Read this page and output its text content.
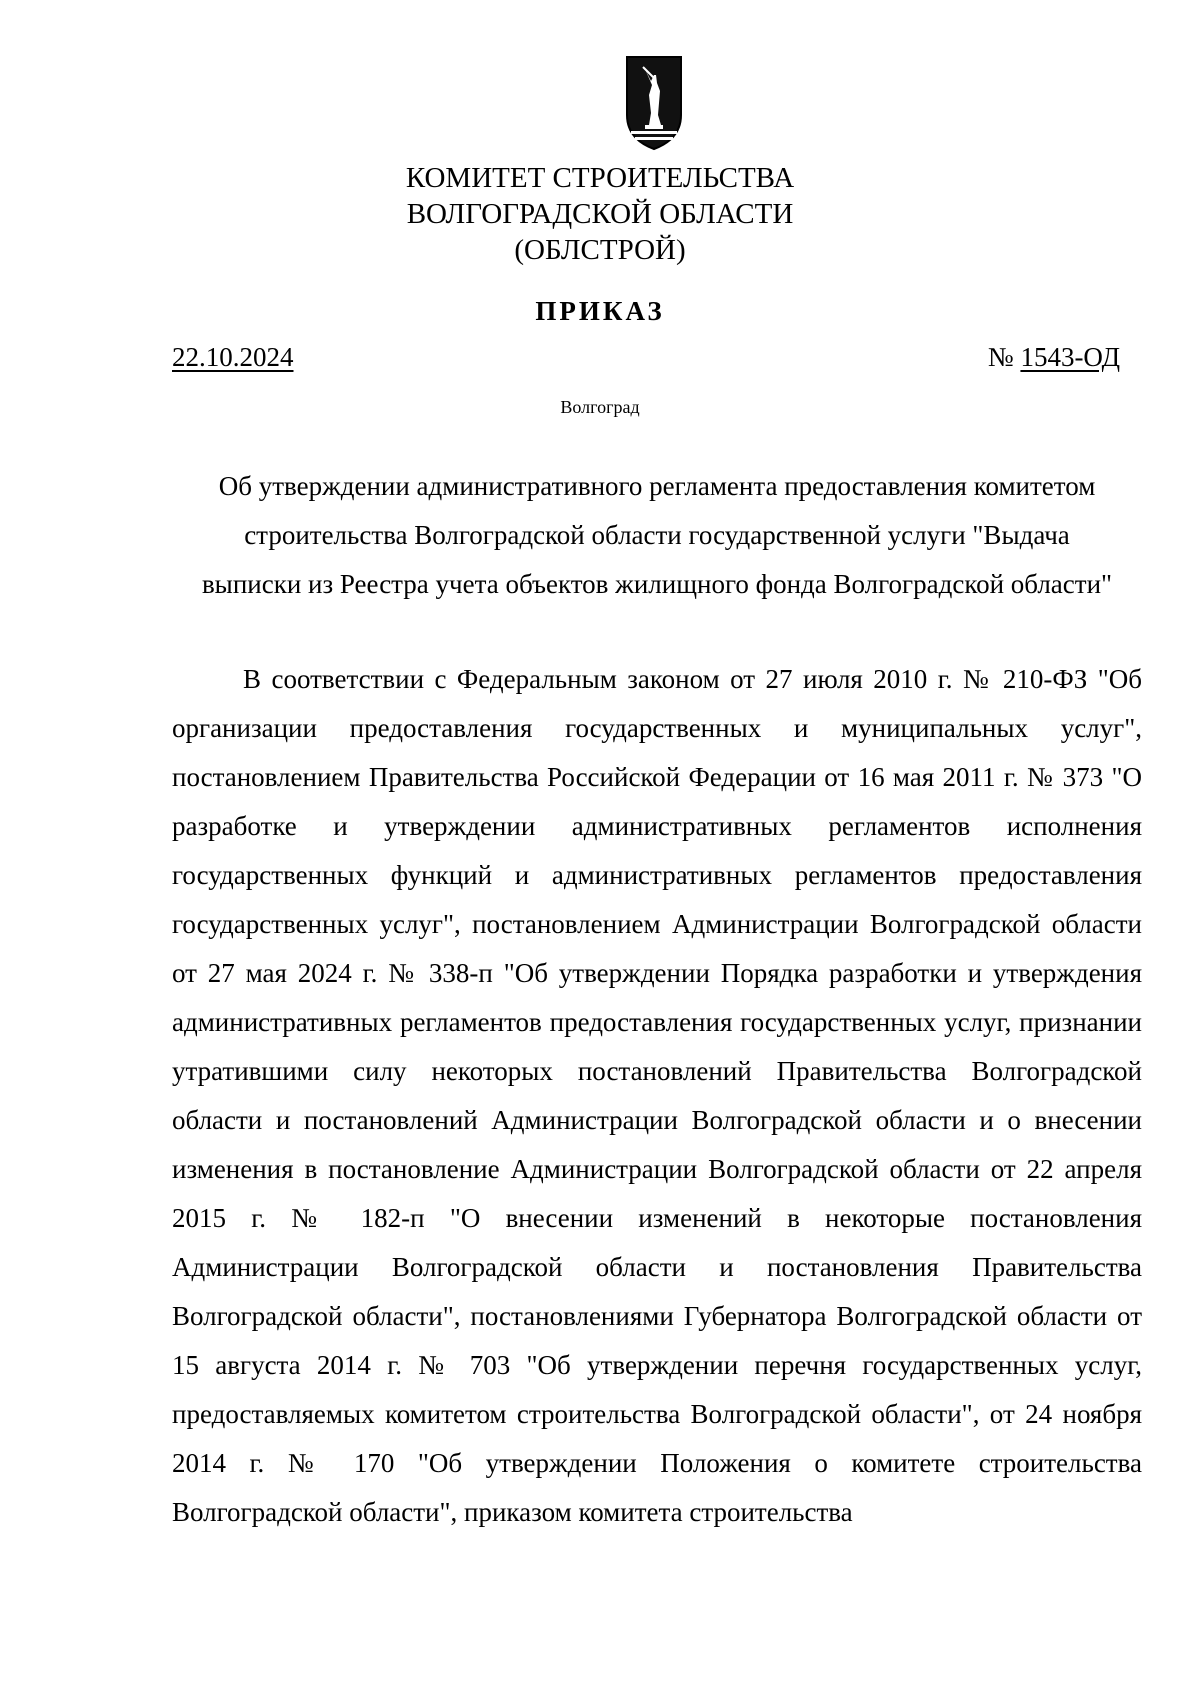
КОМИТЕТ СТРОИТЕЛЬСТВА
ВОЛГОГРАДСКОЙ ОБЛАСТИ
(ОБЛСТРОЙ)
ПРИКАЗ
22.10.2024	№ 1543-ОД
Волгоград
Об утверждении административного регламента предоставления комитетом
строительства Волгоградской области государственной услуги "Выдача
выписки из Реестра учета объектов жилищного фонда Волгоградской области"

В соответствии с Федеральным законом от 27 июля 2010 г. № 210-ФЗ "Об организации предоставления государственных и муниципальных услуг", постановлением Правительства Российской Федерации от 16 мая 2011 г. № 373 "О разработке и утверждении административных регламентов исполнения государственных функций и административных регламентов предоставления государственных услуг", постановлением Администрации Волгоградской области от 27 мая 2024 г. № 338-п "Об утверждении Порядка разработки и утверждения административных регламентов предоставления государственных услуг, признании утратившими силу некоторых постановлений Правительства Волгоградской области и постановлений Администрации Волгоградской области и о внесении изменения в постановление Администрации Волгоградской области от 22 апреля 2015 г. № 182-п "О внесении изменений в некоторые постановления Администрации Волгоградской области и постановления Правительства Волгоградской области", постановлениями Губернатора Волгоградской области от 15 августа 2014 г. № 703 "Об утверждении перечня государственных услуг, предоставляемых комитетом строительства Волгоградской области", от 24 ноября 2014 г. № 170 "Об утверждении Положения о комитете строительства Волгоградской области", приказом комитета строительства
